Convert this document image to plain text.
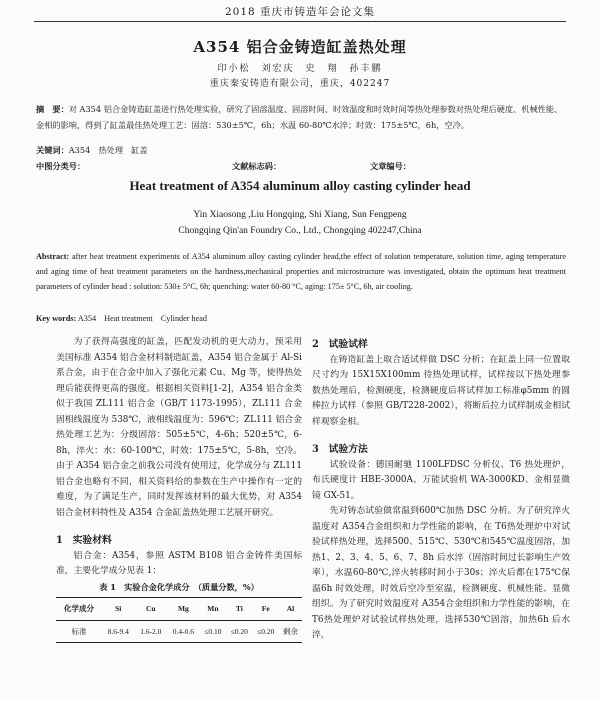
2018 重庆市铸造年会论文集
A354 铝合金铸造缸盖热处理
印小松　刘宏庆　史　翔　孙丰鹏
重庆秦安铸造有限公司，重庆，402247
摘　要：对 A354 铝合金铸造缸盖进行热处理实验，研究了固溶温度、固溶时间、时效温度和时效时间等热处理参数对热处理后硬度、机械性能、金相的影响，得到了缸盖最佳热处理工艺：固溶：530±5℃，6h；水温 60-80℃水淬；时效：175±5℃，6h，空冷。
关键词：A354　热处理　缸盖
中图分类号：	文献标志码：	文章编号：
Heat treatment of A354 aluminum alloy casting cylinder head
Yin Xiaosong ,Liu Hongqing, Shi Xiang, Sun Fengpeng
Chongqing Qin'an Foundry Co., Ltd., Chongqing 402247,China
Abstract: after heat treatment experiments of A354 aluminum alloy casting cylinder head,the effect of solution temperature, solution time, aging temperature and aging time of heat treatment parameters on the hardness,mechanical properties and microstructure was investigated, obtain the optimum heat treatment parameters of cylinder head : solution: 530± 5°C, 6h; quenching: water 60-80 °C, aging: 175± 5°C, 6h, air cooling.
Key words: A354　Heat treatment　Cylinder head

为了获得高强度的缸盖，匹配发动机的更大动力，预采用美国标准 A354 铝合金材料制造缸盖，A354 铝合金属于 Al-Si 系合金，由于在合金中加入了强化元素 Cu、Mg 等，使得热处理后能获得更高的强度。根据相关资料[1-2]，A354 铝合金类似于我国 ZL111 铝合金（GB/T 1173-1995），ZL111 合金固相线温度为 538℃，液相线温度为：596℃；ZL111 铝合金热处理工艺为：分级固溶：505±5℃，4-6h；520±5℃，6-8h，淬火：水：60-100℃，时效：175±5℃，5-8h，空冷。由于 A354 铝合金之前我公司没有使用过，化学成分与 ZL111 铝合金也略有不同，相关资料给的参数在生产中操作有一定的难度，为了满足生产，同时发挥该材料的最大优势，对 A354 铝合金材料特性及 A354 合金缸盖热处理工艺展开研究。

1　实验材料

铝合金：A354，参照 ASTM B108 铝合金铸件美国标准，主要化学成分见表 1：

表 1　实验合金化学成分　（质量分数，%）

化学成分	Si	Cu	Mg	Mn	Ti	Fe	Al
标准	8.6-9.4	1.6-2.0	0.4-0.6	≤0.10	≤0.20	≤0.20	剩余

2　试验试样

在铸造缸盖上取合适试样做 DSC 分析；在缸盖上同一位置取尺寸约为 15X15X100mm 待热处理试样，试样按以下热处理参数热处理后，检测硬度，检测硬度后将试样加工标准φ5mm 的圆棒拉力试样（参照 GB/T228-2002），将断后拉力试样制成金相试样观察金相。

3　试验方法

试验设备：德国耐驰 1100LFDSC 分析仪、T6 热处理炉，布氏硬度计 HBE-3000A、万能试验机 WA-3000KD、金相显微镜 GX-51。

先对铸态试验做常温到600℃加热 DSC 分析。为了研究淬火温度对 A354合金组织和力学性能的影响，在 T6热处理炉中对试验试样热处理，选择500、515℃、530℃和545℃温度固溶，加热1、2、3、4、5、6、7、8h 后水淬（固溶时间过长影响生产效率），水温60-80℃,淬火转移时间小于30s；淬火后都在175℃保温6h 时效处理，时效后空冷至室温，检测硬度、机械性能、显微组织。为了研究时效温度对 A354合金组织和力学性能的影响，在 T6热处理炉对试验试样热处理，选择530℃固溶，加热6h 后水淬，
